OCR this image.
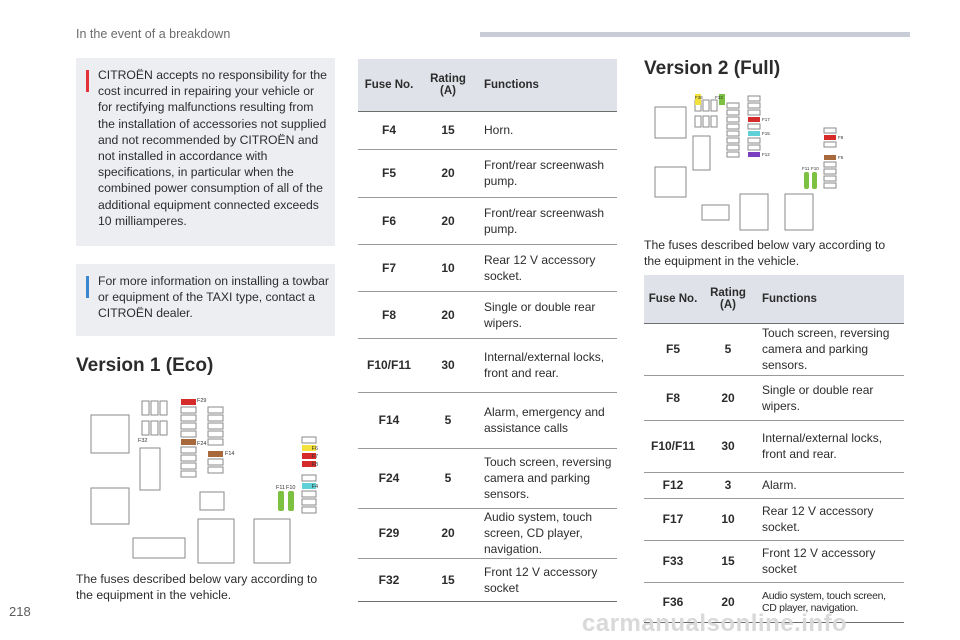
In the event of a breakdown

CITROËN accepts no responsibility for the cost incurred in repairing your vehicle or for rectifying malfunctions resulting from the installation of accessories not supplied and not recommended by CITROËN and not installed in accordance with specifications, in particular when the combined power consumption of all of the additional equipment connected exceeds 10 milliamperes.

For more information on installing a towbar or equipment of the TAXI type, contact a CITROËN dealer.

Version 1 (Eco)
F29
F32	F24
F14
F6
F7
F8
F4
F11 F10
The fuses described below vary according to the equipment in the vehicle.
Fuse No.	Rating (A)	Functions
F4	15	Horn.
F5	20	Front/rear screenwash pump.
F6	20	Front/rear screenwash pump.
F7	10	Rear 12 V accessory socket.
F8	20	Single or double rear wipers.
F10/F11	30	Internal/external locks, front and rear.
F14	5	Alarm, emergency and assistance calls
F24	5	Touch screen, reversing camera and parking sensors.
F29	20	Audio system, touch screen, CD player, navigation.
F32	15	Front 12 V accessory socket
Version 2 (Full)
F36	F33
F17
F15
F12
F8
F5
F11 F10
The fuses described below vary according to the equipment in the vehicle.
Fuse No.	Rating (A)	Functions
F5	5	Touch screen, reversing camera and parking sensors.
F8	20	Single or double rear wipers.
F10/F11	30	Internal/external locks, front and rear.
F12	3	Alarm.
F17	10	Rear 12 V accessory socket.
F33	15	Front 12 V accessory socket
F36	20	Audio system, touch screen, CD player, navigation.
218	carmanualsonline.info
